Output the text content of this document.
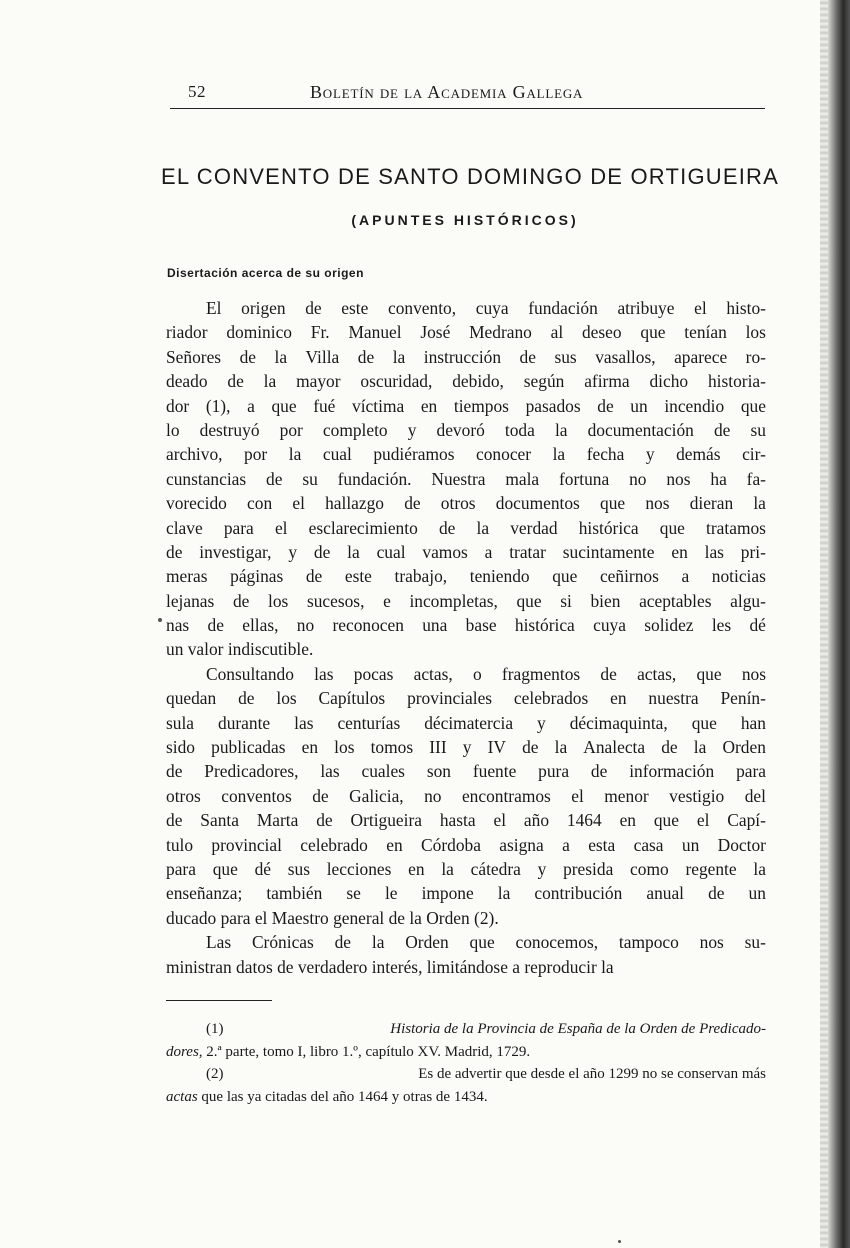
52	Boletín de la Academia Gallega
EL CONVENTO DE SANTO DOMINGO DE ORTIGUEIRA
(APUNTES HISTÓRICOS)
Disertación acerca de su origen
El origen de este convento, cuya fundación atribuye el histo-
riador dominico Fr. Manuel José Medrano al deseo que tenían los
Señores de la Villa de la instrucción de sus vasallos, aparece ro-
deado de la mayor oscuridad, debido, según afirma dicho historia-
dor (1), a que fué víctima en tiempos pasados de un incendio que
lo destruyó por completo y devoró toda la documentación de su
archivo, por la cual pudiéramos conocer la fecha y demás cir-
cunstancias de su fundación. Nuestra mala fortuna no nos ha fa-
vorecido con el hallazgo de otros documentos que nos dieran la
clave para el esclarecimiento de la verdad histórica que tratamos
de investigar, y de la cual vamos a tratar sucintamente en las pri-
meras páginas de este trabajo, teniendo que ceñirnos a noticias
lejanas de los sucesos, e incompletas, que si bien aceptables algu-
nas de ellas, no reconocen una base histórica cuya solidez les dé
un valor indiscutible.
Consultando las pocas actas, o fragmentos de actas, que nos
quedan de los Capítulos provinciales celebrados en nuestra Penín-
sula durante las centurías décimatercia y décimaquinta, que han
sido publicadas en los tomos III y IV de la Analecta de la Orden
de Predicadores, las cuales son fuente pura de información para
otros conventos de Galicia, no encontramos el menor vestigio del
de Santa Marta de Ortigueira hasta el año 1464 en que el Capí-
tulo provincial celebrado en Córdoba asigna a esta casa un Doctor
para que dé sus lecciones en la cátedra y presida como regente la
enseñanza; también se le impone la contribución anual de un
ducado para el Maestro general de la Orden (2).
Las Crónicas de la Orden que conocemos, tampoco nos su-
ministran datos de verdadero interés, limitándose a reproducir la
(1)	Historia de la Provincia de España de la Orden de Predicado-
dores, 2.ª parte, tomo I, libro 1.º, capítulo XV. Madrid, 1729.
(2)	Es de advertir que desde el año 1299 no se conservan más
actas que las ya citadas del año 1464 y otras de 1434.
